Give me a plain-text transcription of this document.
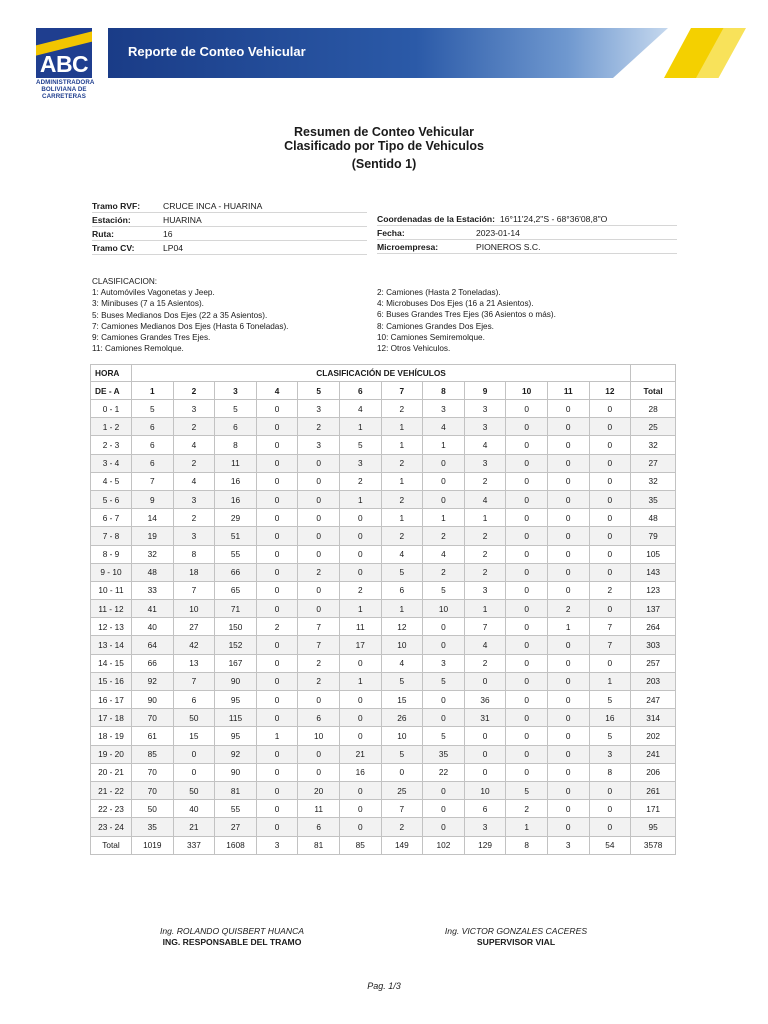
ABC
ADMINISTRADORA
BOLIVIANA DE
CARRETERAS
Reporte de Conteo Vehicular
Resumen de Conteo Vehicular
Clasificado por Tipo de Vehiculos
(Sentido 1)
Tramo RVF:	CRUCE INCA - HUARINA
Estación:	HUARINA
Ruta:	16
Tramo CV:	LP04
Coordenadas de la Estación: 16°11'24,2"S - 68°36'08,8"O
Fecha:	2023-01-14
Microempresa:	PIONEROS S.C.
CLASIFICACION:
1: Automóviles Vagonetas y Jeep.
3: Minibuses (7 a 15 Asientos).
5: Buses Medianos Dos Ejes (22 a 35 Asientos).
7: Camiones Medianos Dos Ejes (Hasta 6 Toneladas).
9: Camiones Grandes Tres Ejes.
11: Camiones Remolque.
2: Camiones (Hasta 2 Toneladas).
4: Microbuses Dos Ejes (16 a 21 Asientos).
6: Buses Grandes Tres Ejes (36 Asientos o más).
8: Camiones Grandes Dos Ejes.
10: Camiones Semiremolque.
12: Otros Vehiculos.
HORA	CLASIFICACIÓN DE VEHÍCULOS												
DE - A	1	2	3	4	5	6	7	8	9	10	11	12	Total
0 - 1	5	3	5	0	3	4	2	3	3	0	0	0	28
1 - 2	6	2	6	0	2	1	1	4	3	0	0	0	25
2 - 3	6	4	8	0	3	5	1	1	4	0	0	0	32
3 - 4	6	2	11	0	0	3	2	0	3	0	0	0	27
4 - 5	7	4	16	0	0	2	1	0	2	0	0	0	32
5 - 6	9	3	16	0	0	1	2	0	4	0	0	0	35
6 - 7	14	2	29	0	0	0	1	1	1	0	0	0	48
7 - 8	19	3	51	0	0	0	2	2	2	0	0	0	79
8 - 9	32	8	55	0	0	0	4	4	2	0	0	0	105
9 - 10	48	18	66	0	2	0	5	2	2	0	0	0	143
10 - 11	33	7	65	0	0	2	6	5	3	0	0	2	123
11 - 12	41	10	71	0	0	1	1	10	1	0	2	0	137
12 - 13	40	27	150	2	7	11	12	0	7	0	1	7	264
13 - 14	64	42	152	0	7	17	10	0	4	0	0	7	303
14 - 15	66	13	167	0	2	0	4	3	2	0	0	0	257
15 - 16	92	7	90	0	2	1	5	5	0	0	0	1	203
16 - 17	90	6	95	0	0	0	15	0	36	0	0	5	247
17 - 18	70	50	115	0	6	0	26	0	31	0	0	16	314
18 - 19	61	15	95	1	10	0	10	5	0	0	0	5	202
19 - 20	85	0	92	0	0	21	5	35	0	0	0	3	241
20 - 21	70	0	90	0	0	16	0	22	0	0	0	8	206
21 - 22	70	50	81	0	20	0	25	0	10	5	0	0	261
22 - 23	50	40	55	0	11	0	7	0	6	2	0	0	171
23 - 24	35	21	27	0	6	0	2	0	3	1	0	0	95
Total	1019	337	1608	3	81	85	149	102	129	8	3	54	3578
Ing. ROLANDO QUISBERT HUANCA
ING. RESPONSABLE DEL TRAMO
Ing. VICTOR GONZALES CACERES
SUPERVISOR VIAL
Pag. 1/3
